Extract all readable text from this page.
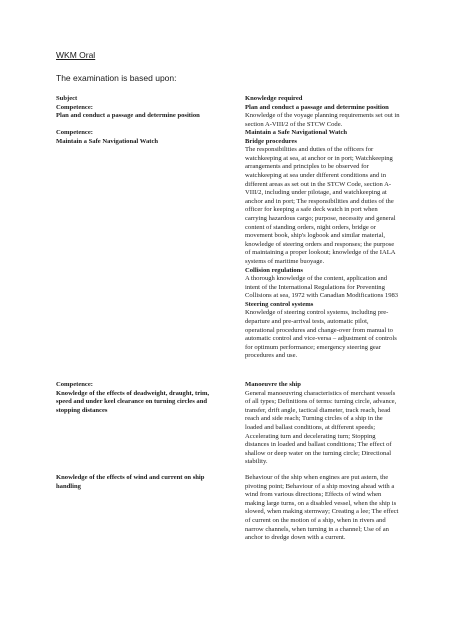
WKM Oral
The examination is based upon:
Subject
Competence:
Plan and conduct a passage and determine position
Competence:
Maintain a Safe Navigational Watch
Competence:
Knowledge of the effects of deadweight, draught, trim,
speed and under keel clearance on turning circles and
stopping distances
Knowledge of the effects of wind and current on ship
handling
Knowledge required
Plan and conduct a passage and determine position
Knowledge of the voyage planning requirements set out in
section A-VIII/2 of the STCW Code.
Maintain a Safe Navigational Watch
Bridge procedures
The responsibilities and duties of the officers for
watchkeeping at sea, at anchor or in port; Watchkeeping
arrangements and principles to be observed for
watchkeeping at sea under different conditions and in
different areas as set out in the STCW Code, section A-
VIII/2, including under pilotage, and watchkeeping at
anchor and in port; The responsibilities and duties of the
officer for keeping a safe deck watch in port when
carrying hazardous cargo; purpose, necessity and general
content of standing orders, night orders, bridge or
movement book, ship's logbook and similar material,
knowledge of steering orders and responses; the purpose
of maintaining a proper lookout; knowledge of the IALA
systems of maritime buoyage.
Collision regulations
A thorough knowledge of the content, application and
intent of the International Regulations for Preventing
Collisions at sea, 1972 with Canadian Modifications 1983
Steering control systems
Knowledge of steering control systems, including pre-
departure and pre-arrival tests, automatic pilot,
operational procedures and change-over from manual to
automatic control and vice-versa – adjustment of controls
for optimum performance; emergency steering gear
procedures and use.
Manoeuvre the ship
General manoeuvring characteristics of merchant vessels
of all types; Definitions of terms: turning circle, advance,
transfer, drift angle, tactical diameter, track reach, head
reach and side reach; Turning circles of a ship in the
loaded and ballast conditions, at different speeds;
Accelerating turn and decelerating turn; Stopping
distances in loaded and ballast conditions; The effect of
shallow or deep water on the turning circle; Directional
stability.
Behaviour of the ship when engines are put astern, the
pivoting point; Behaviour of a ship moving ahead with a
wind from various directions; Effects of wind when
making large turns, on a disabled vessel, when the ship is
slowed, when making sternway; Creating a lee; The effect
of current on the motion of a ship, when in rivers and
narrow channels, when turning in a channel; Use of an
anchor to dredge down with a current.
